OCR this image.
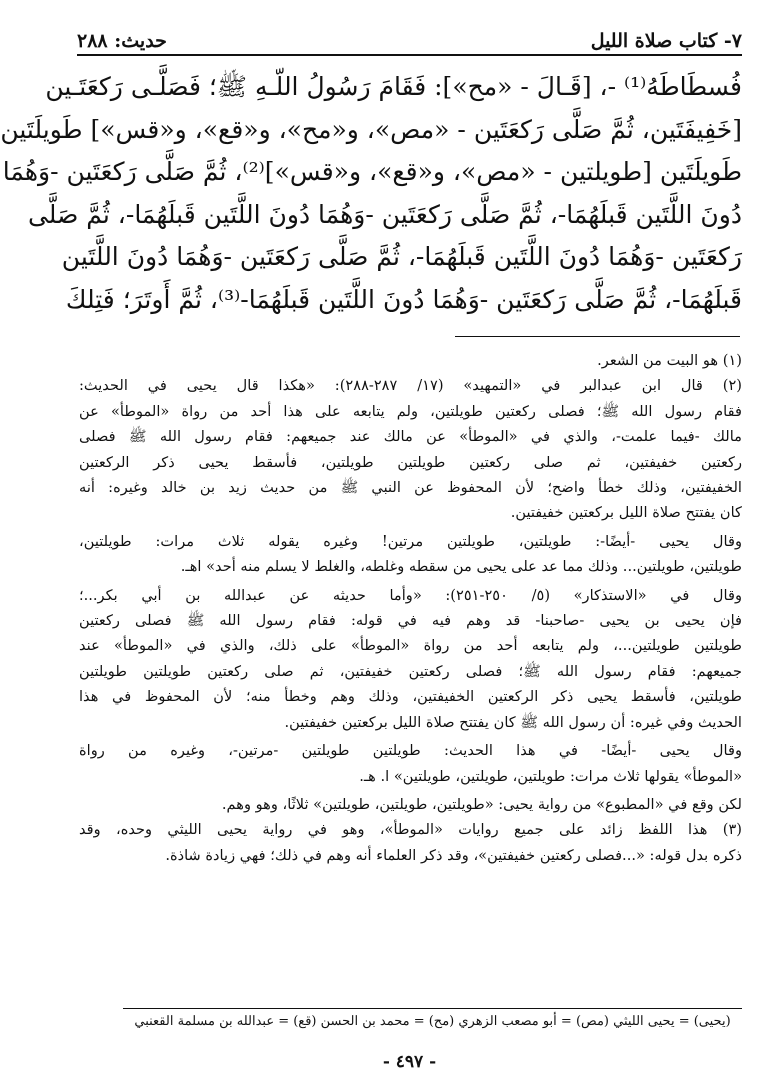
٧- كتاب صلاة الليل
حديث: ٢٨٨
فُسطَاطَهُ⁽¹⁾ -، [قَـالَ - «مح»]: فَقَامَ رَسُولُ اللّـهِ ﷺ؛ فَصَلَّـى رَكعَتَـين
[خَفِيفَتَين، ثُمَّ صَلَّى رَكعَتَين - «مص»، و«مح»، و«قع»، و«قس»] طَويلَتَين
طَويلَتَين [طويلتين - «مص»، و«قع»، و«قس»]⁽²⁾، ثُمَّ صَلَّى رَكعَتَين -وَهُمَا
دُونَ اللَّتَين قَبلَهُمَا-، ثُمَّ صَلَّى رَكعَتَين -وَهُمَا دُونَ اللَّتَين قَبلَهُمَا-، ثُمَّ صَلَّى
رَكعَتَين -وَهُمَا دُونَ اللَّتَين قَبلَهُمَا-، ثُمَّ صَلَّى رَكعَتَين -وَهُمَا دُونَ اللَّتَين
قَبلَهُمَا-، ثُمَّ صَلَّى رَكعَتَين -وَهُمَا دُونَ اللَّتَين قَبلَهُمَا-⁽³⁾، ثُمَّ أَوتَرَ؛ فَتِلكَ
(١) هو البيت من الشعر.
(٢) قال ابن عبدالبر في «التمهيد» (١٧/ ٢٨٧-٢٨٨): «هكذا قال يحيى في الحديث:
فقام رسول الله ﷺ؛ فصلى ركعتين طويلتين، ولم يتابعه على هذا أحد من رواة «الموطأ» عن
مالك -فيما علمت-، والذي في «الموطأ» عن مالك عند جميعهم: فقام رسول الله ﷺ فصلى
ركعتين خفيفتين، ثم صلى ركعتين طويلتين طويلتين، فأسقط يحيى ذكر الركعتين
الخفيفتين، وذلك خطأ واضح؛ لأن المحفوظ عن النبي ﷺ من حديث زيد بن خالد وغيره: أنه
كان يفتتح صلاة الليل بركعتين خفيفتين.
وقال يحيى -أيضًا-: طويلتين، طويلتين مرتين! وغيره يقوله ثلاث مرات: طويلتين،
طويلتين، طويلتين... وذلك مما عد على يحيى من سقطه وغلطه، والغلط لا يسلم منه أحد» اهـ.
وقال في «الاستذكار» (٥/ ٢٥٠-٢٥١): «وأما حديثه عن عبدالله بن أبي بكر...؛
فإن يحيى بن يحيى -صاحبنا- قد وهم فيه في قوله: فقام رسول الله ﷺ فصلى ركعتين
طويلتين طويلتين...، ولم يتابعه أحد من رواة «الموطأ» على ذلك، والذي في «الموطأ» عند
جميعهم: فقام رسول الله ﷺ؛ فصلى ركعتين خفيفتين، ثم صلى ركعتين طويلتين طويلتين
طويلتين، فأسقط يحيى ذكر الركعتين الخفيفتين، وذلك وهم وخطأ منه؛ لأن المحفوظ في هذا
الحديث وفي غيره: أن رسول الله ﷺ كان يفتتح صلاة الليل بركعتين خفيفتين.
وقال يحيى -أيضًا- في هذا الحديث: طويلتين طويلتين -مرتين-، وغيره من رواة
«الموطأ» يقولها ثلاث مرات: طويلتين، طويلتين، طويلتين» ا. هـ.
لكن وقع في «المطبوع» من رواية يحيى: «طويلتين، طويلتين، طويلتين» ثلاثًا، وهو وهم.
(٣) هذا اللفظ زائد على جميع روايات «الموطأ»، وهو في رواية يحيى الليثي وحده، وقد
ذكره بدل قوله: «...فصلى ركعتين خفيفتين»، وقد ذكر العلماء أنه وهم في ذلك؛ فهي زيادة شاذة.
(يحيى) = يحيى الليثي (مص) = أبو مصعب الزهري (مح) = محمد بن الحسن (قع) = عبدالله بن مسلمة القعنبي
- ٤٩٧ -
